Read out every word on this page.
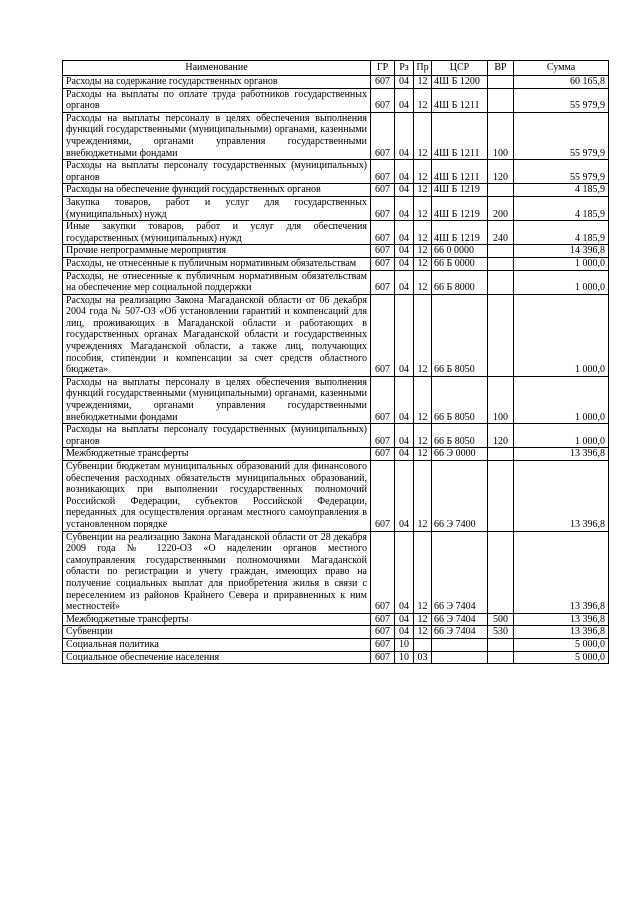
Наименование	ГР	Рз	Пр	ЦСР	ВР	Сумма
Расходы на содержание государственных органов	607	04	12	4Ш Б 1200		60 165,8
Расходы на выплаты по оплате труда работников государственных органов	607	04	12	4Ш Б 1211		55 979,9
Расходы на выплаты персоналу в целях обеспечения выполнения функций государственными (муниципальными) органами, казенными учреждениями, органами управления государственными внебюджетными фондами	607	04	12	4Ш Б 1211	100	55 979,9
Расходы на выплаты персоналу государственных (муниципальных) органов	607	04	12	4Ш Б 1211	120	55 979,9
Расходы на обеспечение функций государственных органов	607	04	12	4Ш Б 1219		4 185,9
Закупка товаров, работ и услуг для государственных (муниципальных) нужд	607	04	12	4Ш Б 1219	200	4 185,9
Иные закупки товаров, работ и услуг для обеспечения государственных (муниципальных) нужд	607	04	12	4Ш Б 1219	240	4 185,9
Прочие непрограммные мероприятия	607	04	12	66 0 0000		14 396,8
Расходы, не отнесенные к публичным нормативным обязательствам	607	04	12	66 Б 0000		1 000,0
Расходы, не отнесенные к публичным нормативным обязательствам на обеспечение мер социальной поддержки	607	04	12	66 Б 8000		1 000,0
Расходы на реализацию Закона Магаданской области от 06 декабря 2004 года № 507-ОЗ «Об установлении гарантий и компенсаций для лиц, проживающих в Магаданской области и работающих в государственных органах Магаданской области и государственных учреждениях Магаданской области, а также лиц, получающих пособия, стипендии и компенсации за счет средств областного бюджета»	607	04	12	66 Б 8050		1 000,0
Расходы на выплаты персоналу в целях обеспечения выполнения функций государственными (муниципальными) органами, казенными учреждениями, органами управления государственными внебюджетными фондами	607	04	12	66 Б 8050	100	1 000,0
Расходы на выплаты персоналу государственных (муниципальных) органов	607	04	12	66 Б 8050	120	1 000,0
Межбюджетные трансферты	607	04	12	66 Э 0000		13 396,8
Субвенции бюджетам муниципальных образований для финансового обеспечения расходных обязательств муниципальных образований, возникающих при выполнении государственных полномочий Российской Федерации, субъектов Российской Федерации, переданных для осуществления органам местного самоуправления в установленном порядке	607	04	12	66 Э 7400		13 396,8
Субвенции на реализацию Закона Магаданской области от 28 декабря 2009 года № 1220-ОЗ «О наделении органов местного самоуправления государственными полномочиями Магаданской области по регистрации и учету граждан, имеющих право на получение социальных выплат для приобретения жилья в связи с переселением из районов Крайнего Севера и приравненных к ним местностей»	607	04	12	66 Э 7404		13 396,8
Межбюджетные трансферты	607	04	12	66 Э 7404	500	13 396,8
Субвенции	607	04	12	66 Э 7404	530	13 396,8
Социальная политика	607	10				5 000,0
Социальное обеспечение населения	607	10	03			5 000,0
